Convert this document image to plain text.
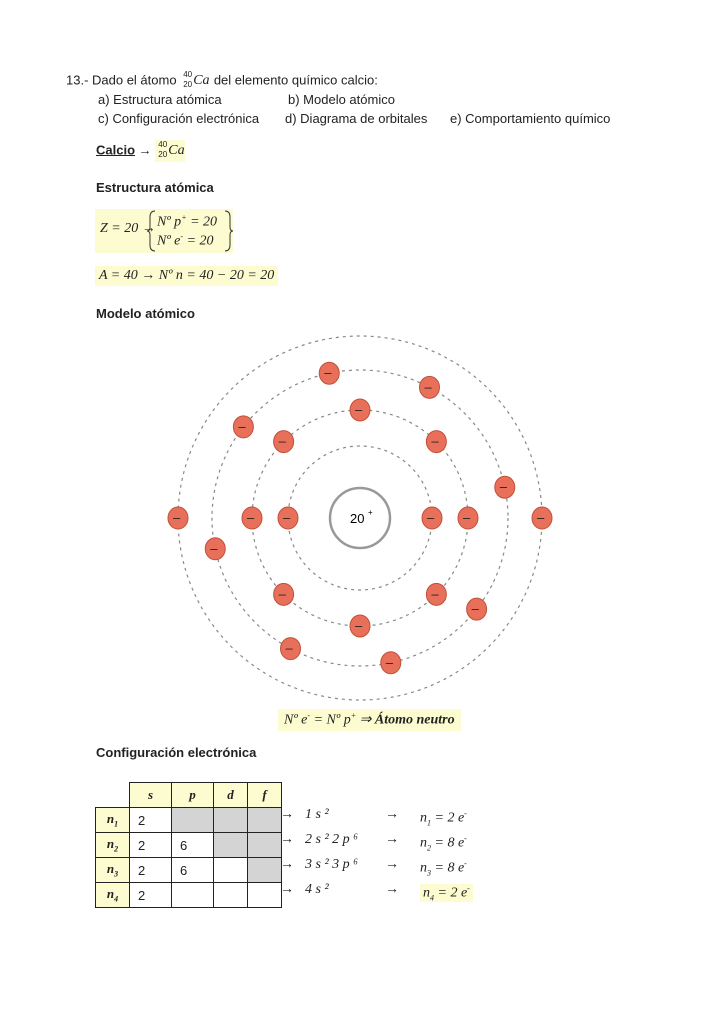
13.- Dado el átomo 40
20 Ca del elemento químico calcio:
a) Estructura atómica	b) Modelo atómico
c) Configuración electrónica d) Diagrama de orbitales e) Comportamiento químico
Calcio → 40
20 Ca
Estructura atómica
Z = 20 → Nº p+ = 20
Nº e- = 20
A = 40 → Nº n = 40 − 20 = 20
Modelo atómico
20 +
–	–
–	–
–	–
–	–
–
–
–
–
–
–
–
–
–
–
–	–
Nº e- = Nº p+ ⇒ Átomo neutro
Configuración electrónica
	s	p	d	f
$n_1$	2			
$n_2$	2	6		
$n_3$	2	6		
$n_4$	2			
→ 1 s ²	→ $n_1 = 2$ e-
→ 2 s ² 2 p $^6 \to n_2 = 8$ e-
→ 3 s ² 3 p $^6 \to n_3 = 8$ e-
→ 4 s ²	→ $n_4 = 2$ e-
